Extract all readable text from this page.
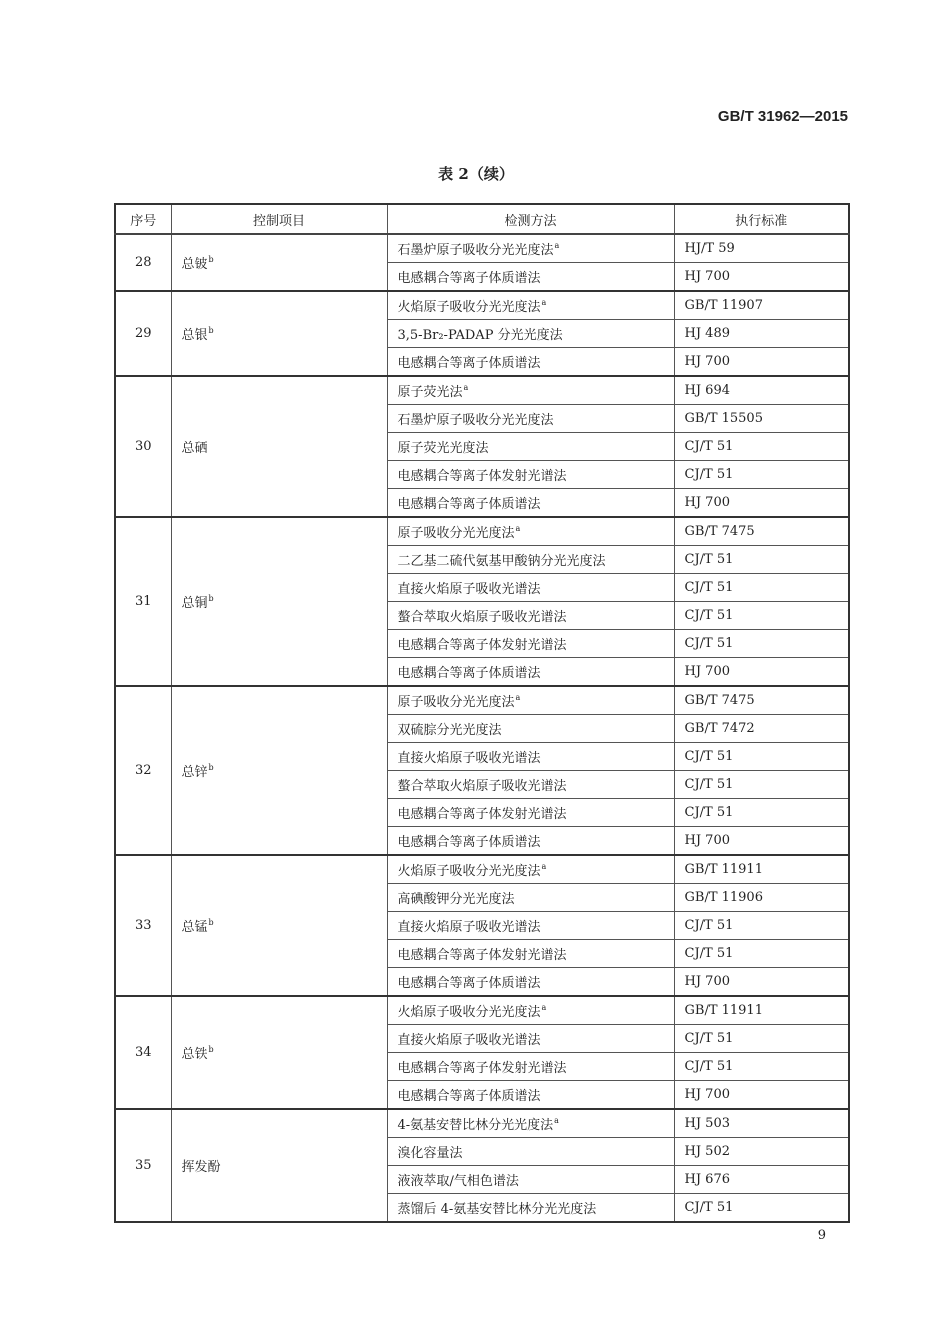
GB/T 31962—2015
表 2（续）
序号	控制项目	检测方法	执行标准
28	总铍$^b$	石墨炉原子吸收分光光度法$^a$	HJ/T 59
		电感耦合等离子体质谱法	HJ 700
29	总银$^b$	火焰原子吸收分光光度法$^a$	GB/T 11907
		3,5-Br₂-PADAP 分光光度法	HJ 489
		电感耦合等离子体质谱法	HJ 700
30	总硒	原子荧光法$^a$	HJ 694
		石墨炉原子吸收分光光度法	GB/T 15505
		原子荧光光度法	CJ/T 51
		电感耦合等离子体发射光谱法	CJ/T 51
		电感耦合等离子体质谱法	HJ 700
31	总铜$^b$	原子吸收分光光度法$^a$	GB/T 7475
		二乙基二硫代氨基甲酸钠分光光度法	CJ/T 51
		直接火焰原子吸收光谱法	CJ/T 51
		螯合萃取火焰原子吸收光谱法	CJ/T 51
		电感耦合等离子体发射光谱法	CJ/T 51
		电感耦合等离子体质谱法	HJ 700
32	总锌$^b$	原子吸收分光光度法$^a$	GB/T 7475
		双硫腙分光光度法	GB/T 7472
		直接火焰原子吸收光谱法	CJ/T 51
		螯合萃取火焰原子吸收光谱法	CJ/T 51
		电感耦合等离子体发射光谱法	CJ/T 51
		电感耦合等离子体质谱法	HJ 700
33	总锰$^b$	火焰原子吸收分光光度法$^a$	GB/T 11911
		高碘酸钾分光光度法	GB/T 11906
		直接火焰原子吸收光谱法	CJ/T 51
		电感耦合等离子体发射光谱法	CJ/T 51
		电感耦合等离子体质谱法	HJ 700
34	总铁$^b$	火焰原子吸收分光光度法$^a$	GB/T 11911
		直接火焰原子吸收光谱法	CJ/T 51
		电感耦合等离子体发射光谱法	CJ/T 51
		电感耦合等离子体质谱法	HJ 700
35	挥发酚	4-氨基安替比林分光光度法$^a$	HJ 503
		溴化容量法	HJ 502
		液液萃取/气相色谱法	HJ 676
		蒸馏后 4-氨基安替比林分光光度法	CJ/T 51
9
